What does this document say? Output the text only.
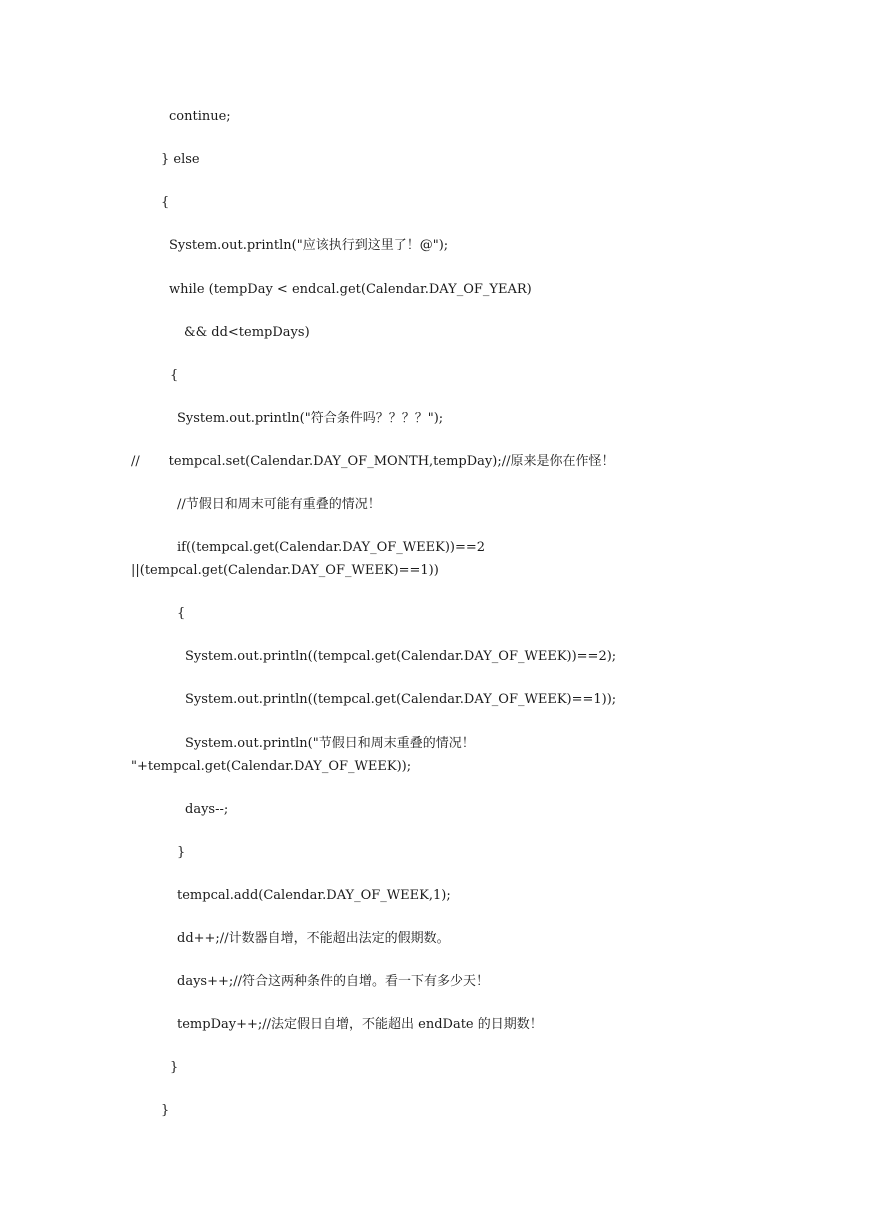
continue;
} else
{
System.out.println("应该执行到这里了！@");
while (tempDay < endcal.get(Calendar.DAY_OF_YEAR)
&& dd<tempDays)
{
System.out.println("符合条件吗？？？？");
//       tempcal.set(Calendar.DAY_OF_MONTH,tempDay);//原来是你在作怪！
//节假日和周末可能有重叠的情况！
if((tempcal.get(Calendar.DAY_OF_WEEK))==2
||(tempcal.get(Calendar.DAY_OF_WEEK)==1))
{
System.out.println((tempcal.get(Calendar.DAY_OF_WEEK))==2);
System.out.println((tempcal.get(Calendar.DAY_OF_WEEK)==1));
System.out.println("节假日和周末重叠的情况！
"+tempcal.get(Calendar.DAY_OF_WEEK));
days--;
}
tempcal.add(Calendar.DAY_OF_WEEK,1);
dd++;//计数器自增，不能超出法定的假期数。
days++;//符合这两种条件的自增。看一下有多少天！
tempDay++;//法定假日自增，不能超出 endDate 的日期数！
}
}
